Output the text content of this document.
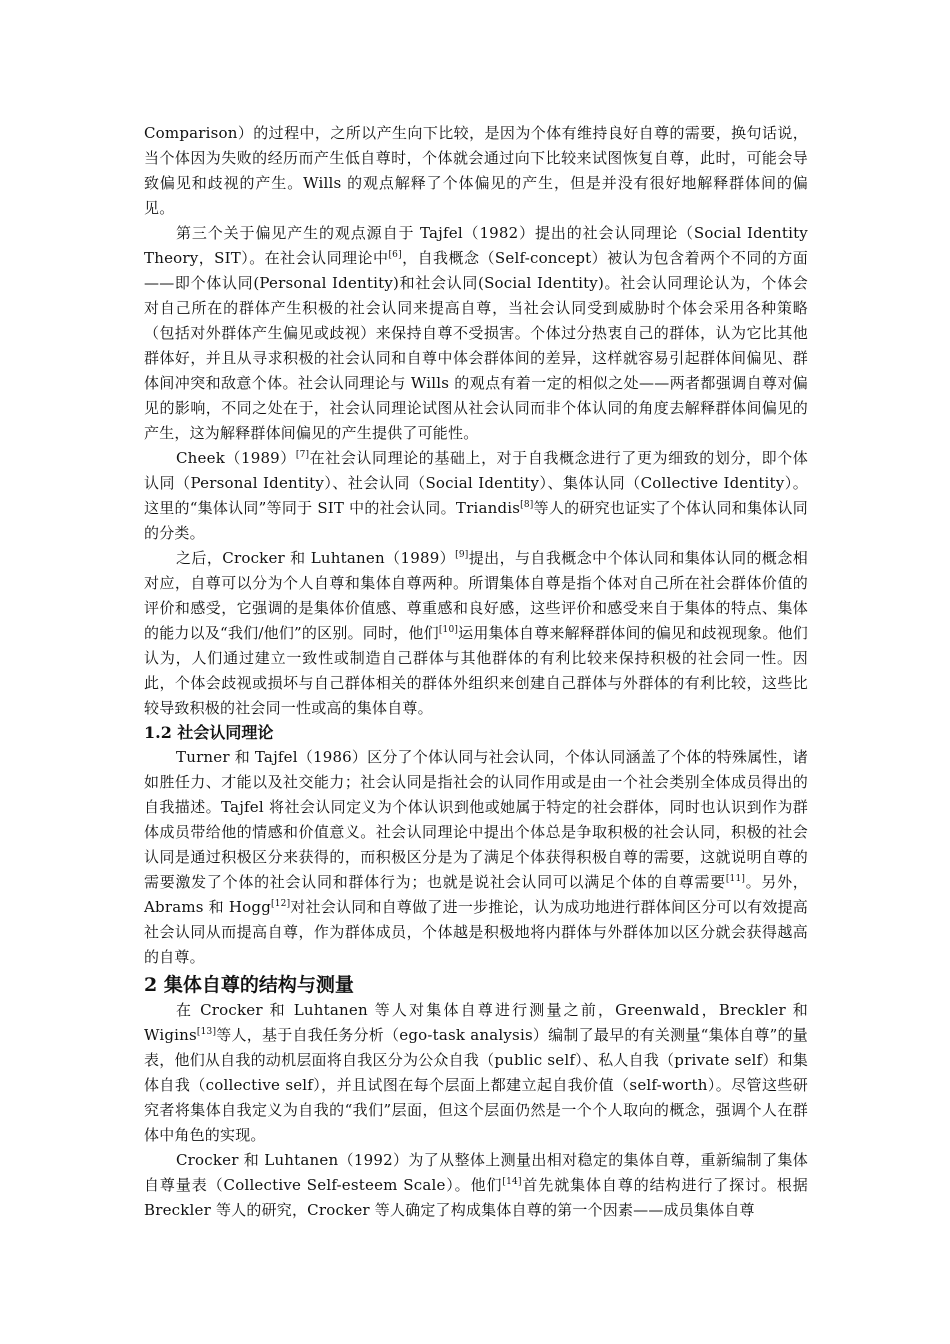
Comparison）的过程中，之所以产生向下比较，是因为个体有维持良好自尊的需要，换句话说，当个体因为失败的经历而产生低自尊时，个体就会通过向下比较来试图恢复自尊，此时，可能会导致偏见和歧视的产生。Wills 的观点解释了个体偏见的产生，但是并没有很好地解释群体间的偏见。

第三个关于偏见产生的观点源自于 Tajfel（1982）提出的社会认同理论（Social Identity Theory，SIT）。在社会认同理论中[6]，自我概念（Self-concept）被认为包含着两个不同的方面——即个体认同(Personal Identity)和社会认同(Social Identity)。社会认同理论认为，个体会对自己所在的群体产生积极的社会认同来提高自尊，当社会认同受到威胁时个体会采用各种策略（包括对外群体产生偏见或歧视）来保持自尊不受损害。个体过分热衷自己的群体，认为它比其他群体好，并且从寻求积极的社会认同和自尊中体会群体间的差异，这样就容易引起群体间偏见、群体间冲突和敌意个体。社会认同理论与 Wills 的观点有着一定的相似之处——两者都强调自尊对偏见的影响，不同之处在于，社会认同理论试图从社会认同而非个体认同的角度去解释群体间偏见的产生，这为解释群体间偏见的产生提供了可能性。

Cheek（1989）[7]在社会认同理论的基础上，对于自我概念进行了更为细致的划分，即个体认同（Personal Identity）、社会认同（Social Identity）、集体认同（Collective Identity）。这里的“集体认同”等同于 SIT 中的社会认同。Triandis[8]等人的研究也证实了个体认同和集体认同的分类。

之后，Crocker 和 Luhtanen（1989）[9]提出，与自我概念中个体认同和集体认同的概念相对应，自尊可以分为个人自尊和集体自尊两种。所谓集体自尊是指个体对自己所在社会群体价值的评价和感受，它强调的是集体价值感、尊重感和良好感，这些评价和感受来自于集体的特点、集体的能力以及“我们/他们”的区别。同时，他们[10]运用集体自尊来解释群体间的偏见和歧视现象。他们认为，人们通过建立一致性或制造自己群体与其他群体的有利比较来保持积极的社会同一性。因此，个体会歧视或损坏与自己群体相关的群体外组织来创建自己群体与外群体的有利比较，这些比较导致积极的社会同一性或高的集体自尊。

1.2 社会认同理论

Turner 和 Tajfel（1986）区分了个体认同与社会认同，个体认同涵盖了个体的特殊属性，诸如胜任力、才能以及社交能力；社会认同是指社会的认同作用或是由一个社会类别全体成员得出的自我描述。Tajfel 将社会认同定义为个体认识到他或她属于特定的社会群体，同时也认识到作为群体成员带给他的情感和价值意义。社会认同理论中提出个体总是争取积极的社会认同，积极的社会认同是通过积极区分来获得的，而积极区分是为了满足个体获得积极自尊的需要，这就说明自尊的需要激发了个体的社会认同和群体行为；也就是说社会认同可以满足个体的自尊需要[11]。另外，Abrams 和 Hogg[12]对社会认同和自尊做了进一步推论，认为成功地进行群体间区分可以有效提高社会认同从而提高自尊，作为群体成员，个体越是积极地将内群体与外群体加以区分就会获得越高的自尊。

2 集体自尊的结构与测量

在 Crocker 和 Luhtanen 等人对集体自尊进行测量之前，Greenwald，Breckler 和 Wigins[13]等人，基于自我任务分析（ego-task analysis）编制了最早的有关测量“集体自尊”的量表，他们从自我的动机层面将自我区分为公众自我（public self）、私人自我（private self）和集体自我（collective self），并且试图在每个层面上都建立起自我价值（self-worth）。尽管这些研究者将集体自我定义为自我的“我们”层面，但这个层面仍然是一个个人取向的概念，强调个人在群体中角色的实现。

Crocker 和 Luhtanen（1992）为了从整体上测量出相对稳定的集体自尊，重新编制了集体自尊量表（Collective Self-esteem Scale）。他们[14]首先就集体自尊的结构进行了探讨。根据 Breckler 等人的研究，Crocker 等人确定了构成集体自尊的第一个因素——成员集体自尊
